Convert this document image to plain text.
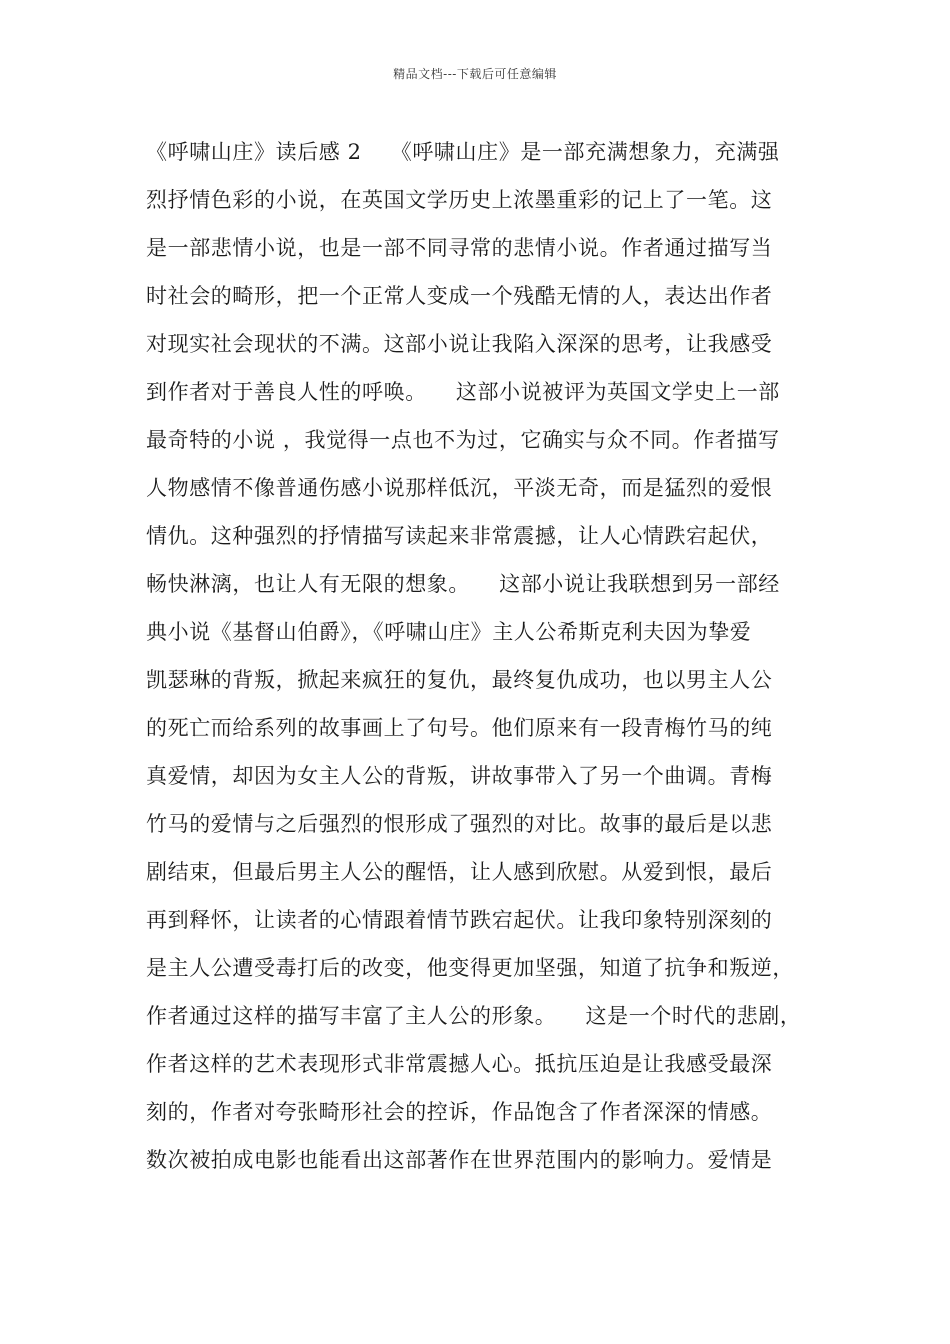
精品文档---下载后可任意编辑
《呼啸山庄》读后感 2    《呼啸山庄》是一部充满想象力，充满强
烈抒情色彩的小说，在英国文学历史上浓墨重彩的记上了一笔。这
是一部悲情小说，也是一部不同寻常的悲情小说。作者通过描写当
时社会的畸形，把一个正常人变成一个残酷无情的人，表达出作者
对现实社会现状的不满。这部小说让我陷入深深的思考，让我感受
到作者对于善良人性的呼唤。    这部小说被评为英国文学史上一部
最奇特的小说 ，我觉得一点也不为过，它确实与众不同。作者描写
人物感情不像普通伤感小说那样低沉，平淡无奇，而是猛烈的爱恨
情仇。这种强烈的抒情描写读起来非常震撼，让人心情跌宕起伏，
畅快淋漓，也让人有无限的想象。    这部小说让我联想到另一部经
典小说《基督山伯爵》，《呼啸山庄》主人公希斯克利夫因为挚爱
凯瑟琳的背叛，掀起来疯狂的复仇，最终复仇成功，也以男主人公
的死亡而给系列的故事画上了句号。他们原来有一段青梅竹马的纯
真爱情，却因为女主人公的背叛，讲故事带入了另一个曲调。青梅
竹马的爱情与之后强烈的恨形成了强烈的对比。故事的最后是以悲
剧结束，但最后男主人公的醒悟，让人感到欣慰。从爱到恨，最后
再到释怀，让读者的心情跟着情节跌宕起伏。让我印象特别深刻的
是主人公遭受毒打后的改变，他变得更加坚强，知道了抗争和叛逆，
作者通过这样的描写丰富了主人公的形象。    这是一个时代的悲剧，
作者这样的艺术表现形式非常震撼人心。抵抗压迫是让我感受最深
刻的，作者对夸张畸形社会的控诉，作品饱含了作者深深的情感。
数次被拍成电影也能看出这部著作在世界范围内的影响力。爱情是
